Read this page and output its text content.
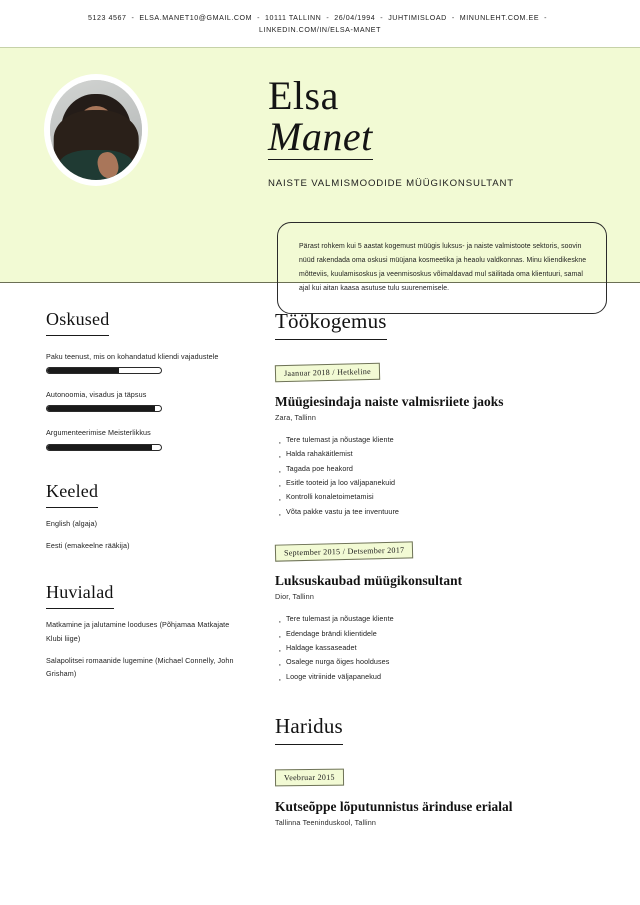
5123 4567 - ELSA.MANET10@GMAIL.COM - 10111 TALLINN - 26/04/1994 - JUHTIMISLOAD - MINUNLEHT.COM.EE -LINKEDIN.COM/IN/ELSA-MANET
Elsa
Manet
NAISTE VALMISMOODIDE MÜÜGIKONSULTANT

Pärast rohkem kui 5 aastat kogemust müügis luksus- ja naiste valmistoote sektoris, soovin nüüd rakendada oma oskusi müüjana kosmeetika ja heaolu valdkonnas. Minu kliendikeskne mõtteviis, kuulamisoskus ja veenmisoskus võimaldavad mul säilitada oma klientuuri, samal ajal kui aitan kaasa asutuse tulu suurenemisele.

Oskused
Paku teenust, mis on kohandatud kliendi vajadustele
Autonoomia, visadus ja täpsus
Argumenteerimise Meisterlikkus
Keeled
English (algaja)
Eesti (emakeelne rääkija)
Huvialad
Matkamine ja jalutamine looduses (Põhjamaa Matkajate Klubi liige)
Salapolitsei romaanide lugemine (Michael Connelly, John Grisham)
Töökogemus
Jaanuar 2018 / Hetkeline
Müügiesindaja naiste valmisriiete jaoks
Zara, Tallinn
· Tere tulemast ja nõustage kliente
· Halda rahakäitlemist
· Tagada poe heakord
· Esitle tooteid ja loo väljapanekuid
· Kontrolli konaletoimetamisi
· Võta pakke vastu ja tee inventuure
September 2015 / Detsember 2017
Luksuskaubad müügikonsultant
Dior, Tallinn
· Tere tulemast ja nõustage kliente
· Edendage brändi klientidele
· Haldage kassaseadet
· Osalege nurga õiges hoolduses
· Looge vitriinide väljapanekud
Haridus
Veebruar 2015
Kutseõppe lõputunnistus ärinduse erialal
Tallinna Teeninduskool, Tallinn
